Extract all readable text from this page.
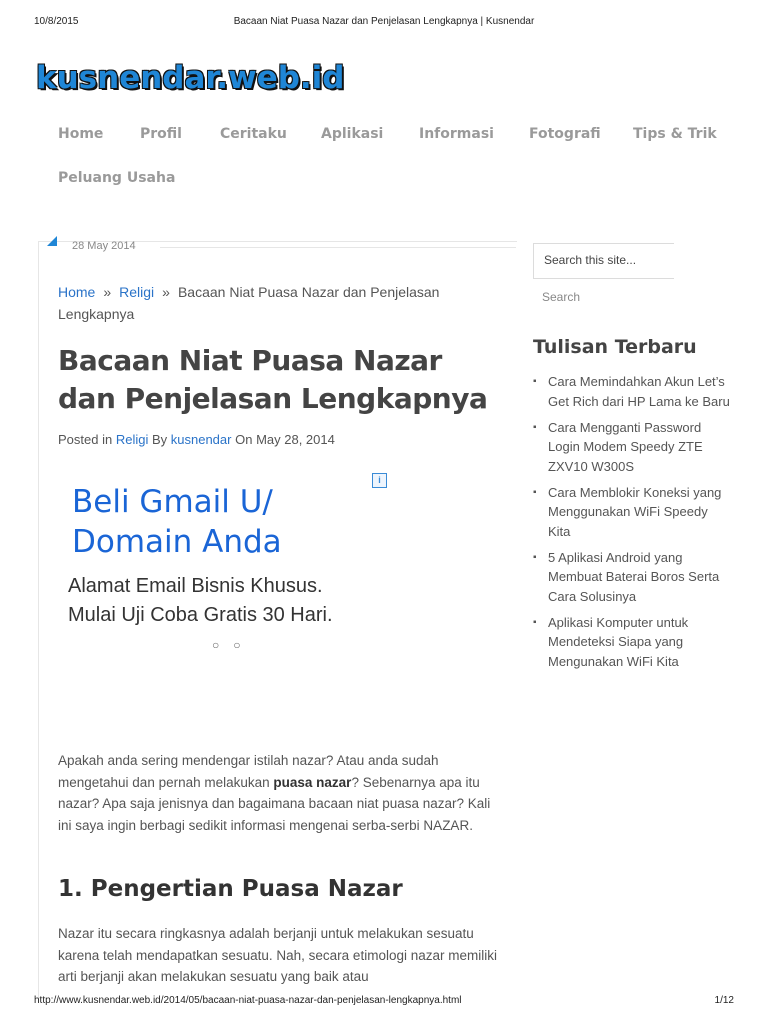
10/8/2015	Bacaan Niat Puasa Nazar dan Penjelasan Lengkapnya | Kusnendar
kusnendar.web.id
Home	Profil	Ceritaku Aplikasi	Informasi	Fotografi Tips & Trik
Peluang Usaha
28 May 2014
Home » Religi » Bacaan Niat Puasa Nazar dan Penjelasan Lengkapnya
Bacaan Niat Puasa Nazar dan Penjelasan Lengkapnya
Posted in Religi By kusnendar On May 28, 2014
i
Beli Gmail U/
Domain Anda
Alamat Email Bisnis Khusus.
Mulai Uji Coba Gratis 30 Hari.
○○
Apakah anda sering mendengar istilah nazar? Atau anda sudah mengetahui dan pernah melakukan puasa nazar? Sebenarnya apa itu nazar? Apa saja jenisnya dan bagaimana bacaan niat puasa nazar? Kali ini saya ingin berbagi sedikit informasi mengenai serba-serbi NAZAR.
1. Pengertian Puasa Nazar
Nazar itu secara ringkasnya adalah berjanji untuk melakukan sesuatu karena telah mendapatkan sesuatu. Nah, secara etimologi nazar memiliki arti berjanji akan melakukan sesuatu yang baik atau
Search this site...
Search
Tulisan Terbaru
▪ Cara Memindahkan Akun Let’s Get Rich dari HP Lama ke Baru
▪ Cara Mengganti Password Login Modem Speedy ZTE ZXV10 W300S
▪ Cara Memblokir Koneksi yang Menggunakan WiFi Speedy Kita
▪ 5 Aplikasi Android yang Membuat Baterai Boros Serta Cara Solusinya
▪ Aplikasi Komputer untuk Mendeteksi Siapa yang Mengunakan WiFi Kita
http://www.kusnendar.web.id/2014/05/bacaan-niat-puasa-nazar-dan-penjelasan-lengkapnya.html	1/12
